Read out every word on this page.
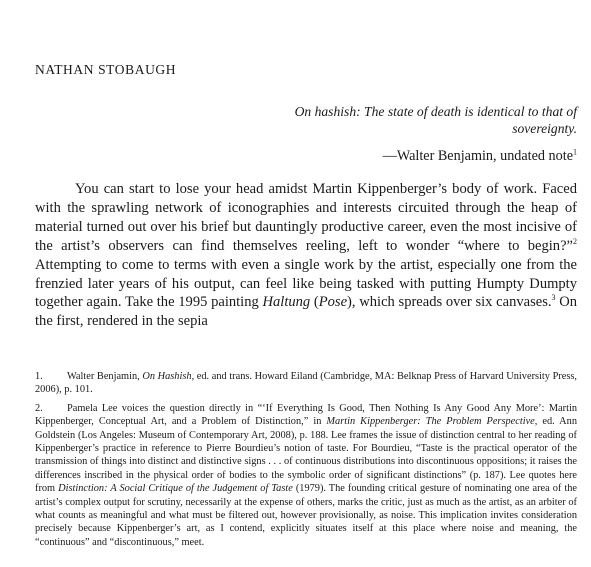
NATHAN STOBAUGH
On hashish: The state of death is identical to that of sovereignty.
—Walter Benjamin, undated note$^1$

You can start to lose your head amidst Martin Kippenberger’s body of work. Faced with the sprawling network of iconographies and interests circuited through the heap of material turned out over his brief but dauntingly productive career, even the most incisive of the artist’s observers can find themselves reeling, left to wonder “where to begin?”$^2$ Attempting to come to terms with even a single work by the artist, especially one from the frenzied later years of his output, can feel like being tasked with putting Humpty Dumpty together again. Take the 1995 painting Haltung (Pose), which spreads over six canvases.$^3$ On the first, rendered in the sepia

1. Walter Benjamin, On Hashish, ed. and trans. Howard Eiland (Cambridge, MA: Belknap Press of Harvard University Press, 2006), p. 101.

2. Pamela Lee voices the question directly in “‘If Everything Is Good, Then Nothing Is Any Good Any More’: Martin Kippenberger, Conceptual Art, and a Problem of Distinction,” in Martin Kippenberger: The Problem Perspective, ed. Ann Goldstein (Los Angeles: Museum of Contemporary Art, 2008), p. 188. Lee frames the issue of distinction central to her reading of Kippenberger’s practice in reference to Pierre Bourdieu’s notion of taste. For Bourdieu, “Taste is the practical operator of the transmission of things into distinct and distinctive signs . . . of continuous distributions into discontinuous oppositions; it raises the differences inscribed in the physical order of bodies to the symbolic order of significant distinctions” (p. 187). Lee quotes here from Distinction: A Social Critique of the Judgement of Taste (1979). The founding critical gesture of nominating one area of the artist’s complex output for scrutiny, necessarily at the expense of others, marks the critic, just as much as the artist, as an arbiter of what counts as meaningful and what must be filtered out, however provisionally, as noise. This implication invites consideration precisely because Kippenberger’s art, as I contend, explicitly situates itself at this place where noise and meaning, the “continuous” and “discontinuous,” meet.
